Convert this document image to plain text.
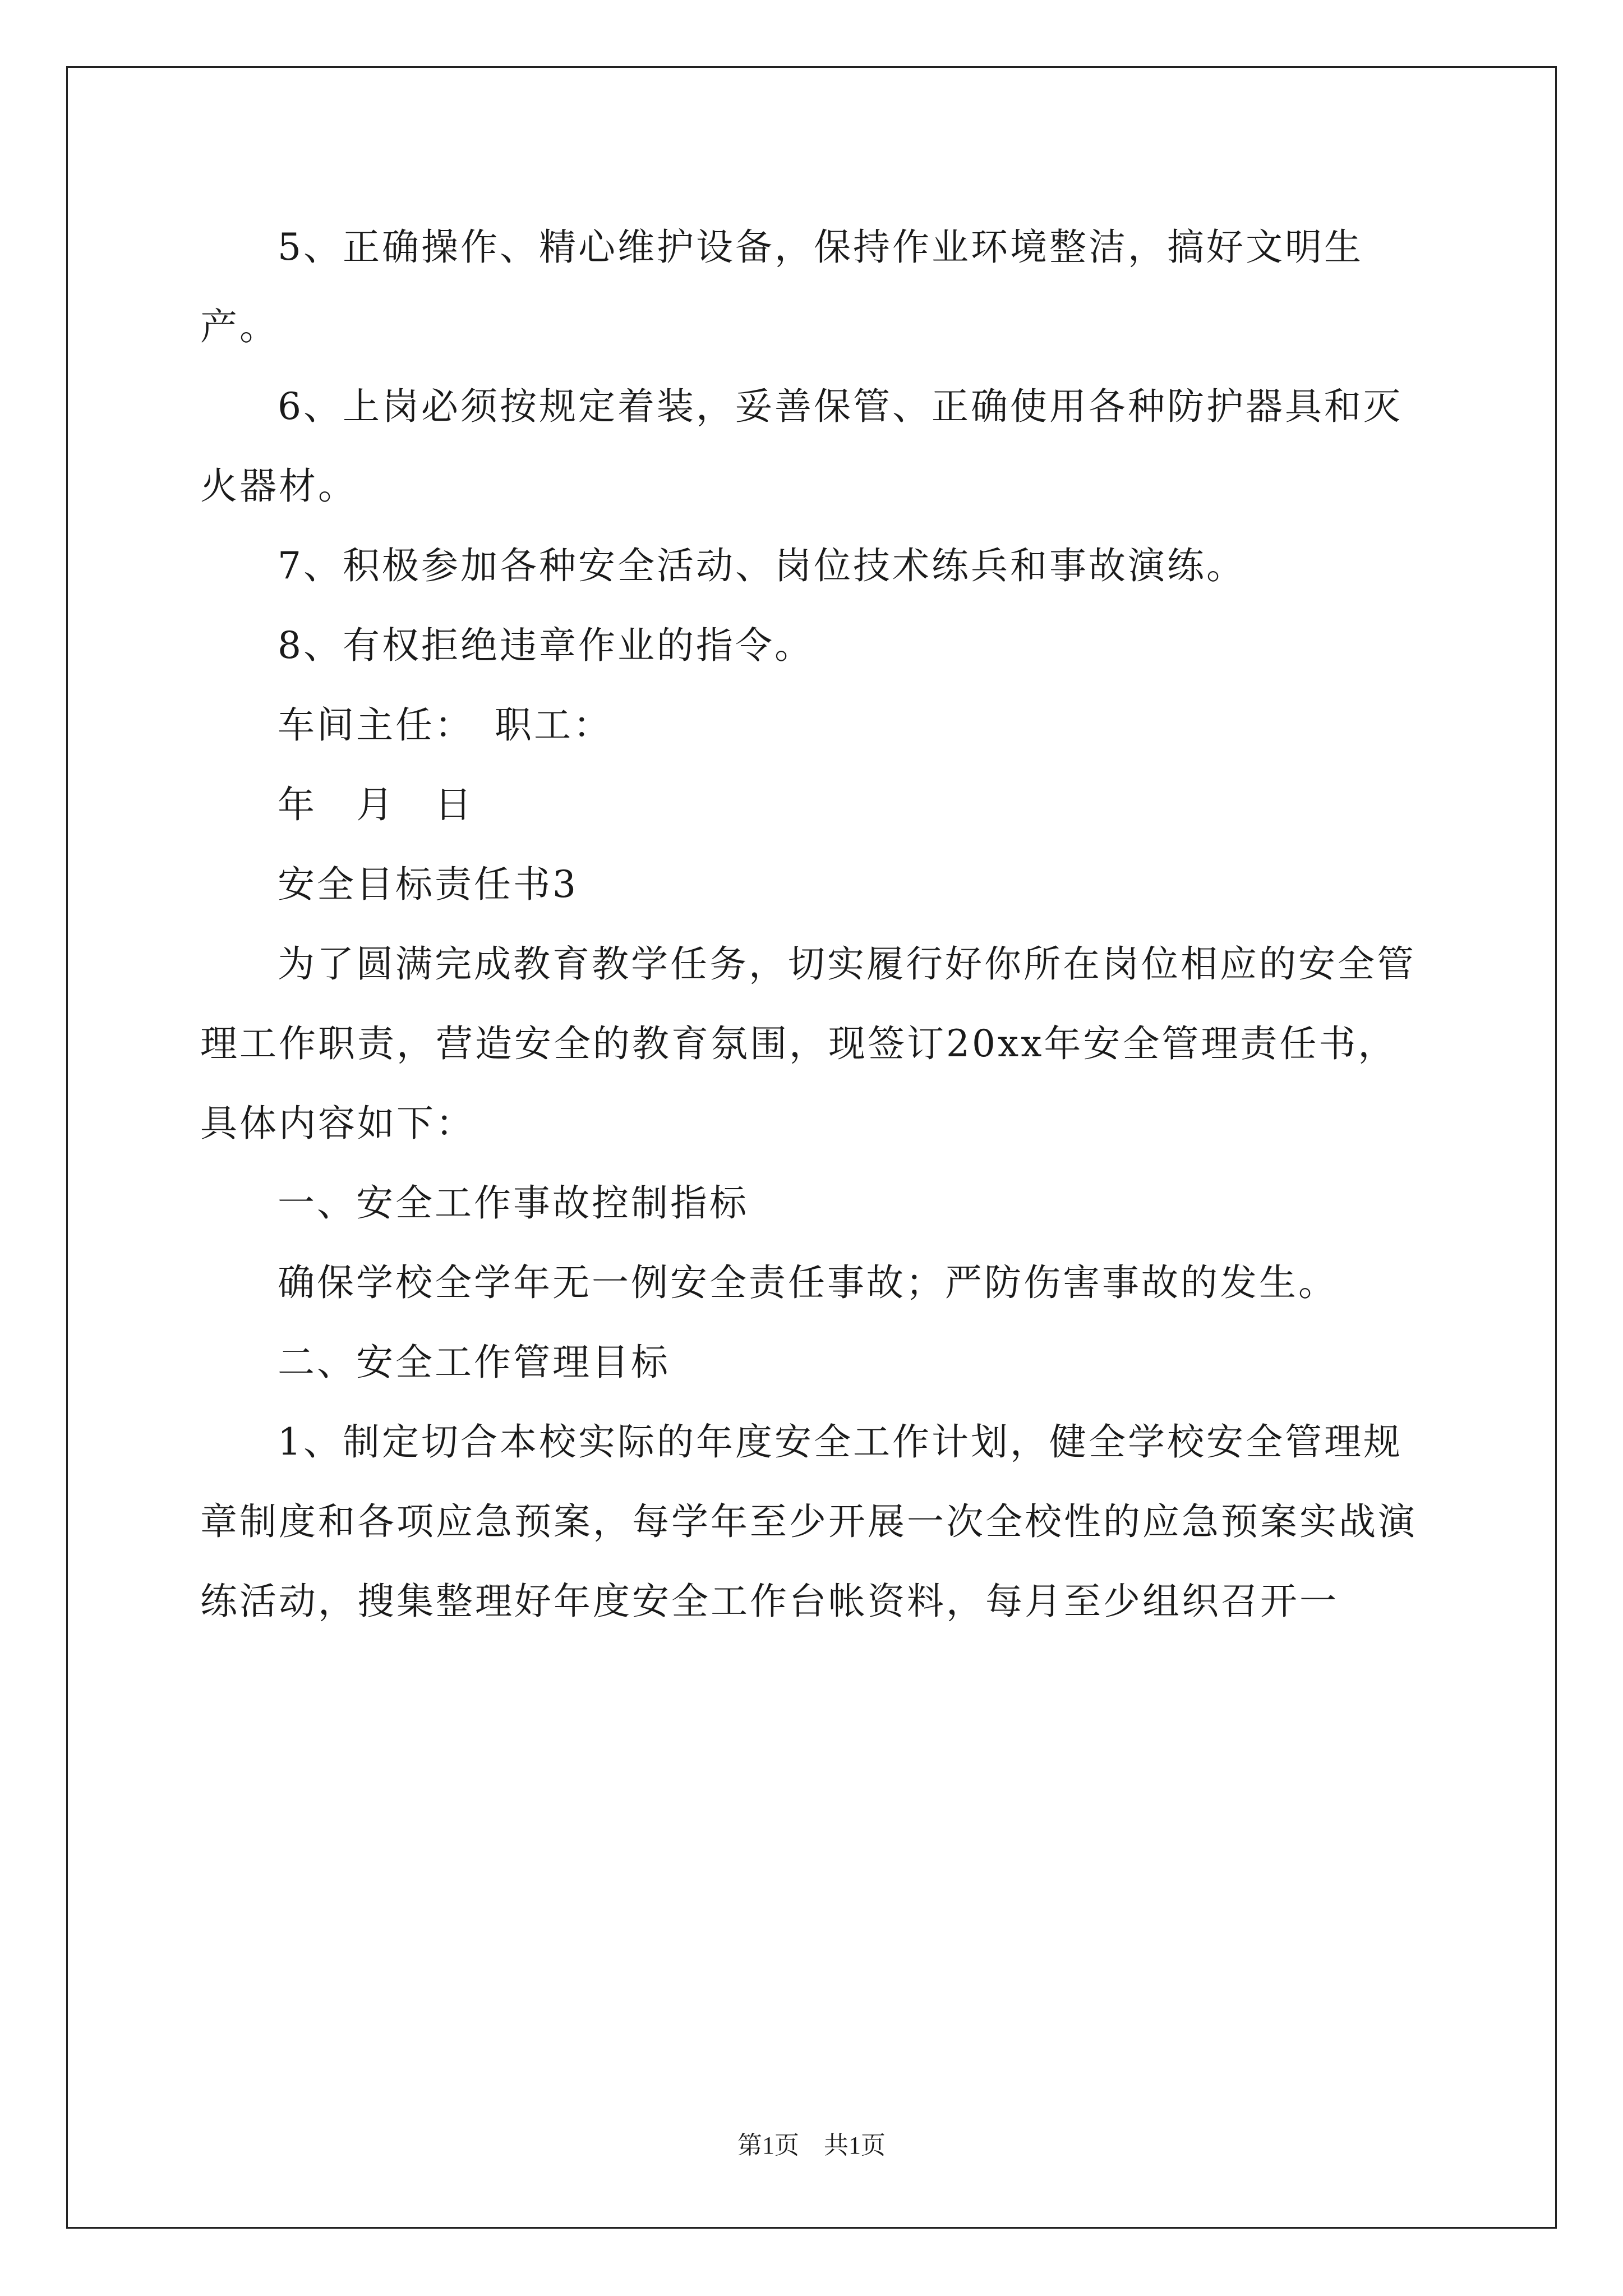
5、正确操作、精心维护设备，保持作业环境整洁，搞好文明生产。

6、上岗必须按规定着装，妥善保管、正确使用各种防护器具和灭火器材。

7、积极参加各种安全活动、岗位技术练兵和事故演练。

8、有权拒绝违章作业的指令。

车间主任：　职工：

年　月　日

安全目标责任书3

为了圆满完成教育教学任务，切实履行好你所在岗位相应的安全管理工作职责，营造安全的教育氛围，现签订20xx年安全管理责任书，具体内容如下：

一、安全工作事故控制指标

确保学校全学年无一例安全责任事故；严防伤害事故的发生。

二、安全工作管理目标

1、制定切合本校实际的年度安全工作计划，健全学校安全管理规章制度和各项应急预案，每学年至少开展一次全校性的应急预案实战演练活动，搜集整理好年度安全工作台帐资料，每月至少组织召开一

第1页　共1页
